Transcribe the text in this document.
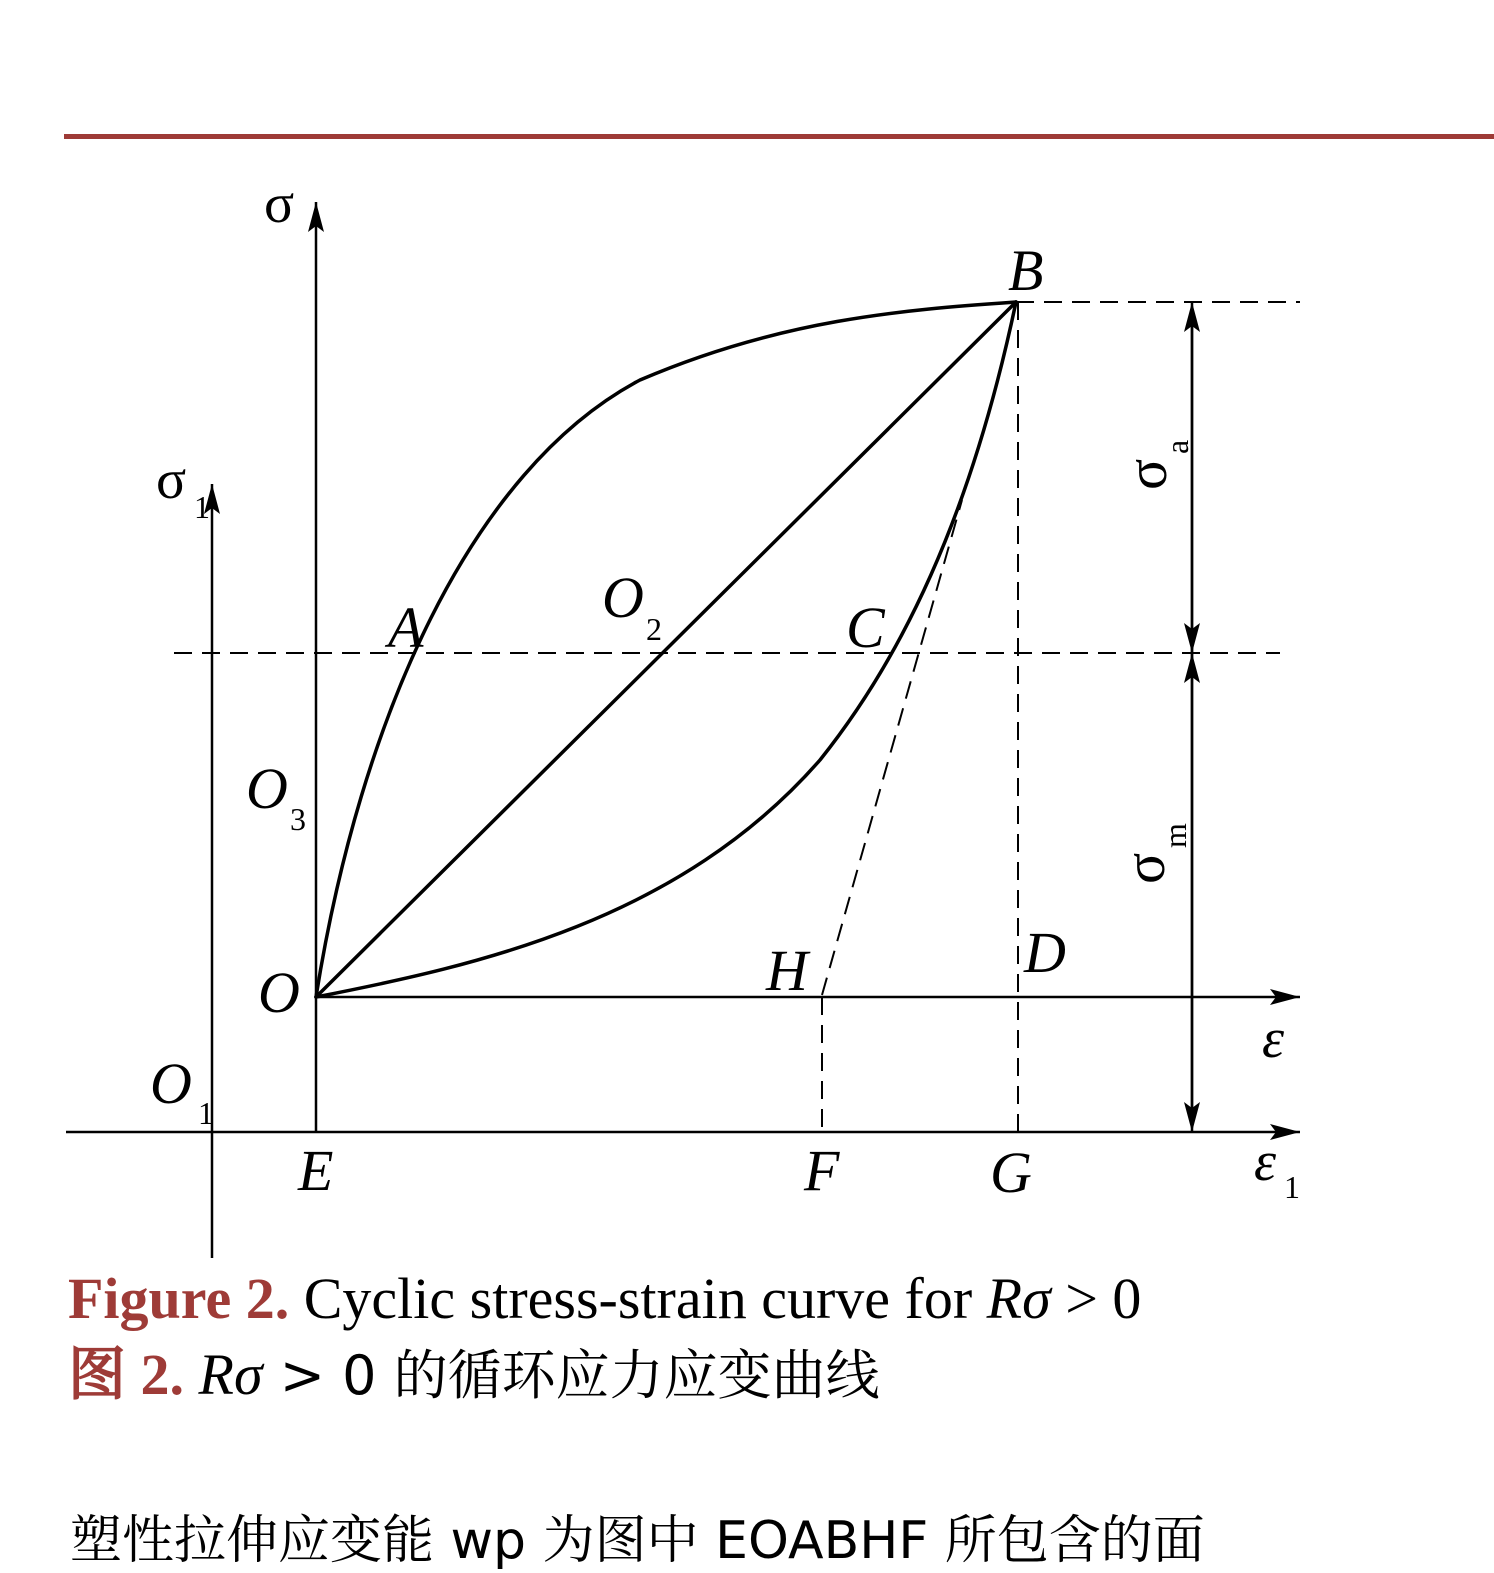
σ
σ 1
ε
ε 1
A
B
C
D
E	F	G
H
O
O 1
O 2
O 3
σ
a
σ
m
Figure 2. Cyclic stress-strain curve for Rσ > 0
图 2. Rσ > 0 的循环应力应变曲线
塑性拉伸应变能 wp 为图中 EOABHF 所包含的面
